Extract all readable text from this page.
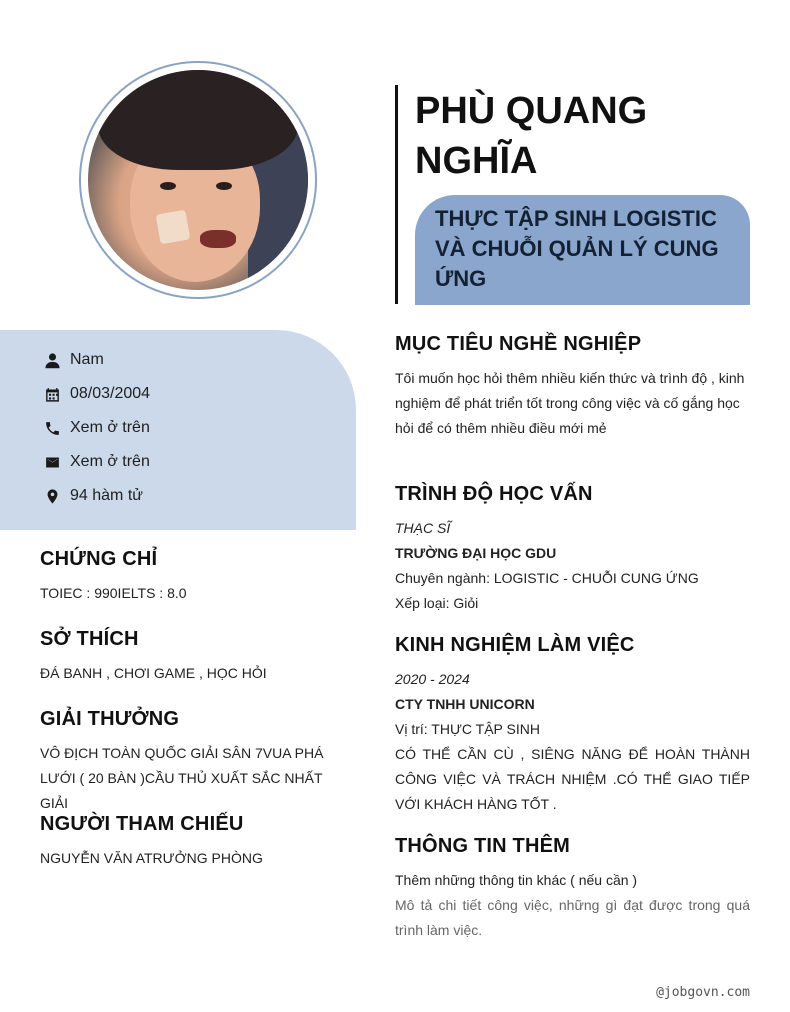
Nam
08/03/2004
Xem ở trên
Xem ở trên
94 hàm tử
CHỨNG CHỈ
TOIEC : 990IELTS : 8.0
SỞ THÍCH
ĐÁ BANH , CHƠI GAME , HỌC HỎI
GIẢI THƯỞNG
VÔ ĐỊCH TOÀN QUỐC GIẢI SÂN 7VUA PHÁ LƯỚI ( 20 BÀN )CẦU THỦ XUẤT SẮC NHẤT GIẢI
NGƯỜI THAM CHIẾU
NGUYỄN VĂN ATRƯỞNG PHÒNG
PHÙ QUANG NGHĨA
THỰC TẬP SINH LOGISTIC VÀ CHUỖI QUẢN LÝ CUNG ỨNG
MỤC TIÊU NGHỀ NGHIỆP
Tôi muốn học hỏi thêm nhiều kiến thức và trình độ , kinh nghiệm để phát triển tốt trong công việc và cố gắng học hỏi để có thêm nhiều điều mới mẻ
TRÌNH ĐỘ HỌC VẤN
THẠC SĨ
TRƯỜNG ĐẠI HỌC GDU
Chuyên ngành: LOGISTIC - CHUỖI CUNG ỨNG
Xếp loại: Giỏi
KINH NGHIỆM LÀM VIỆC
2020 - 2024
CTY TNHH UNICORN
Vị trí: THỰC TẬP SINH
CÓ THỂ CẦN CÙ , SIÊNG NĂNG ĐỂ HOÀN THÀNH CÔNG VIỆC VÀ TRÁCH NHIỆM .CÓ THỂ GIAO TIẾP VỚI KHÁCH HÀNG TỐT .
THÔNG TIN THÊM
Thêm những thông tin khác ( nếu cần )
Mô tả chi tiết công việc, những gì đạt được trong quá trình làm việc.
@jobgovn.com
